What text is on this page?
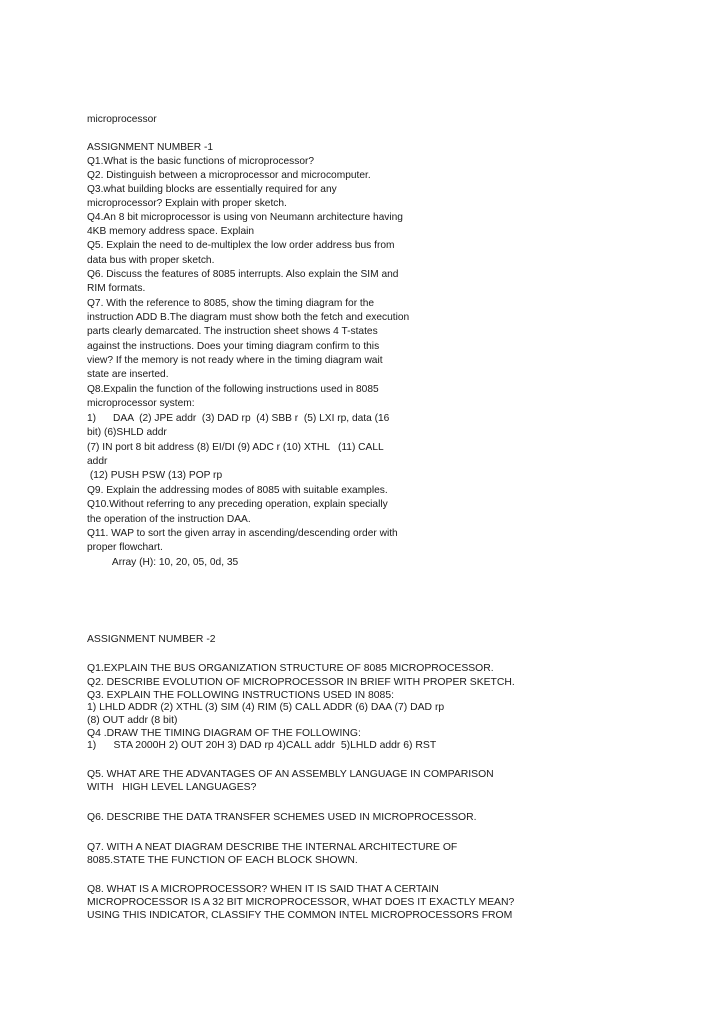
microprocessor

ASSIGNMENT NUMBER -1

Q1.What is the basic functions of microprocessor?

Q2. Distinguish between a microprocessor and microcomputer.

Q3.what building blocks are essentially required for any

microprocessor? Explain with proper sketch.

Q4.An 8 bit microprocessor is using von Neumann architecture having

4KB memory address space. Explain

Q5. Explain the need to de-multiplex the low order address bus from

data bus with proper sketch.

Q6. Discuss the features of 8085 interrupts. Also explain the SIM and

RIM formats.

Q7. With the reference to 8085, show the timing diagram for the

instruction ADD B.The diagram must show both the fetch and execution

parts clearly demarcated. The instruction sheet shows 4 T-states

against the instructions. Does your timing diagram confirm to this

view? If the memory is not ready where in the timing diagram wait

state are inserted.

Q8.Expalin the function of the following instructions used in 8085

microprocessor system:

1)      DAA  (2) JPE addr  (3) DAD rp  (4) SBB r  (5) LXI rp, data (16

bit) (6)SHLD addr

(7) IN port 8 bit address (8) EI/DI (9) ADC r (10) XTHL   (11) CALL

addr

(12) PUSH PSW (13) POP rp

Q9. Explain the addressing modes of 8085 with suitable examples.

Q10.Without referring to any preceding operation, explain specially

the operation of the instruction DAA.

Q11. WAP to sort the given array in ascending/descending order with

proper flowchart.

Array (H): 10, 20, 05, 0d, 35

ASSIGNMENT NUMBER -2

Q1.EXPLAIN THE BUS ORGANIZATION STRUCTURE OF 8085 MICROPROCESSOR.

Q2. DESCRIBE EVOLUTION OF MICROPROCESSOR IN BRIEF WITH PROPER SKETCH.

Q3. EXPLAIN THE FOLLOWING INSTRUCTIONS USED IN 8085:

1) LHLD ADDR (2) XTHL (3) SIM (4) RIM (5) CALL ADDR (6) DAA (7) DAD rp

(8) OUT addr (8 bit)

Q4 .DRAW THE TIMING DIAGRAM OF THE FOLLOWING:

1)      STA 2000H 2) OUT 20H 3) DAD rp 4)CALL addr  5)LHLD addr 6) RST

Q5. WHAT ARE THE ADVANTAGES OF AN ASSEMBLY LANGUAGE IN COMPARISON

WITH   HIGH LEVEL LANGUAGES?

Q6. DESCRIBE THE DATA TRANSFER SCHEMES USED IN MICROPROCESSOR.

Q7. WITH A NEAT DIAGRAM DESCRIBE THE INTERNAL ARCHITECTURE OF

8085.STATE THE FUNCTION OF EACH BLOCK SHOWN.

Q8. WHAT IS A MICROPROCESSOR? WHEN IT IS SAID THAT A CERTAIN

MICROPROCESSOR IS A 32 BIT MICROPROCESSOR, WHAT DOES IT EXACTLY MEAN?

USING THIS INDICATOR, CLASSIFY THE COMMON INTEL MICROPROCESSORS FROM
